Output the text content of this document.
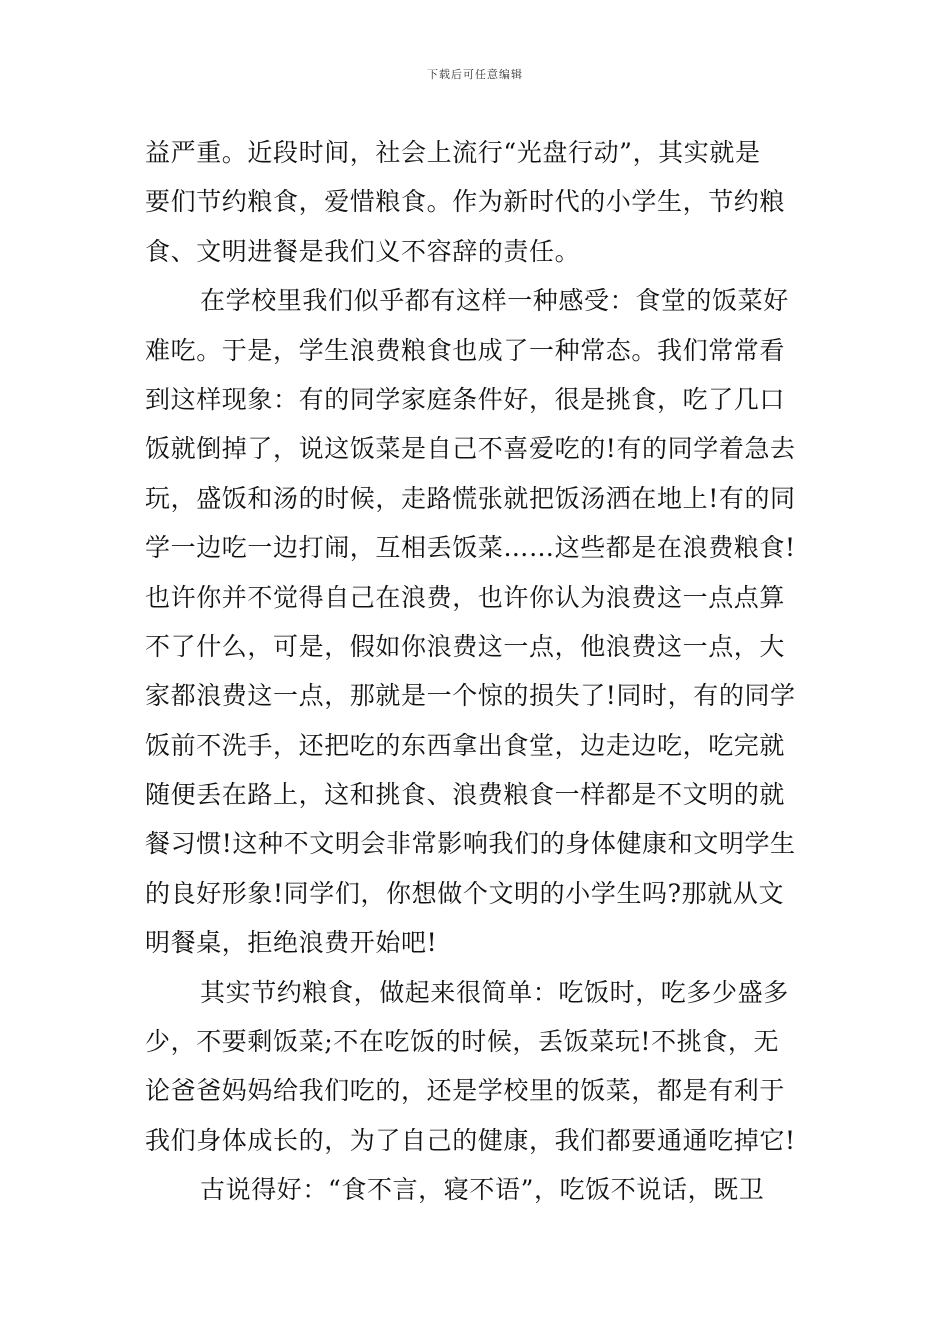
下载后可任意编辑
益严重。近段时间，社会上流行“光盘行动”，其实就是
要们节约粮食，爱惜粮食。作为新时代的小学生，节约粮
食、文明进餐是我们义不容辞的责任。
在学校里我们似乎都有这样一种感受：食堂的饭菜好
难吃。于是，学生浪费粮食也成了一种常态。我们常常看
到这样现象：有的同学家庭条件好，很是挑食，吃了几口
饭就倒掉了，说这饭菜是自己不喜爱吃的!有的同学着急去
玩，盛饭和汤的时候，走路慌张就把饭汤洒在地上!有的同
学一边吃一边打闹，互相丢饭菜……这些都是在浪费粮食!
也许你并不觉得自己在浪费，也许你认为浪费这一点点算
不了什么，可是，假如你浪费这一点，他浪费这一点，大
家都浪费这一点，那就是一个惊的损失了!同时，有的同学
饭前不洗手，还把吃的东西拿出食堂，边走边吃，吃完就
随便丢在路上，这和挑食、浪费粮食一样都是不文明的就
餐习惯!这种不文明会非常影响我们的身体健康和文明学生
的良好形象!同学们，你想做个文明的小学生吗?那就从文
明餐桌，拒绝浪费开始吧!
其实节约粮食，做起来很简单：吃饭时，吃多少盛多
少，不要剩饭菜;不在吃饭的时候，丢饭菜玩!不挑食，无
论爸爸妈妈给我们吃的，还是学校里的饭菜，都是有利于
我们身体成长的，为了自己的健康，我们都要通通吃掉它!
古说得好：“食不言，寝不语”，吃饭不说话，既卫
